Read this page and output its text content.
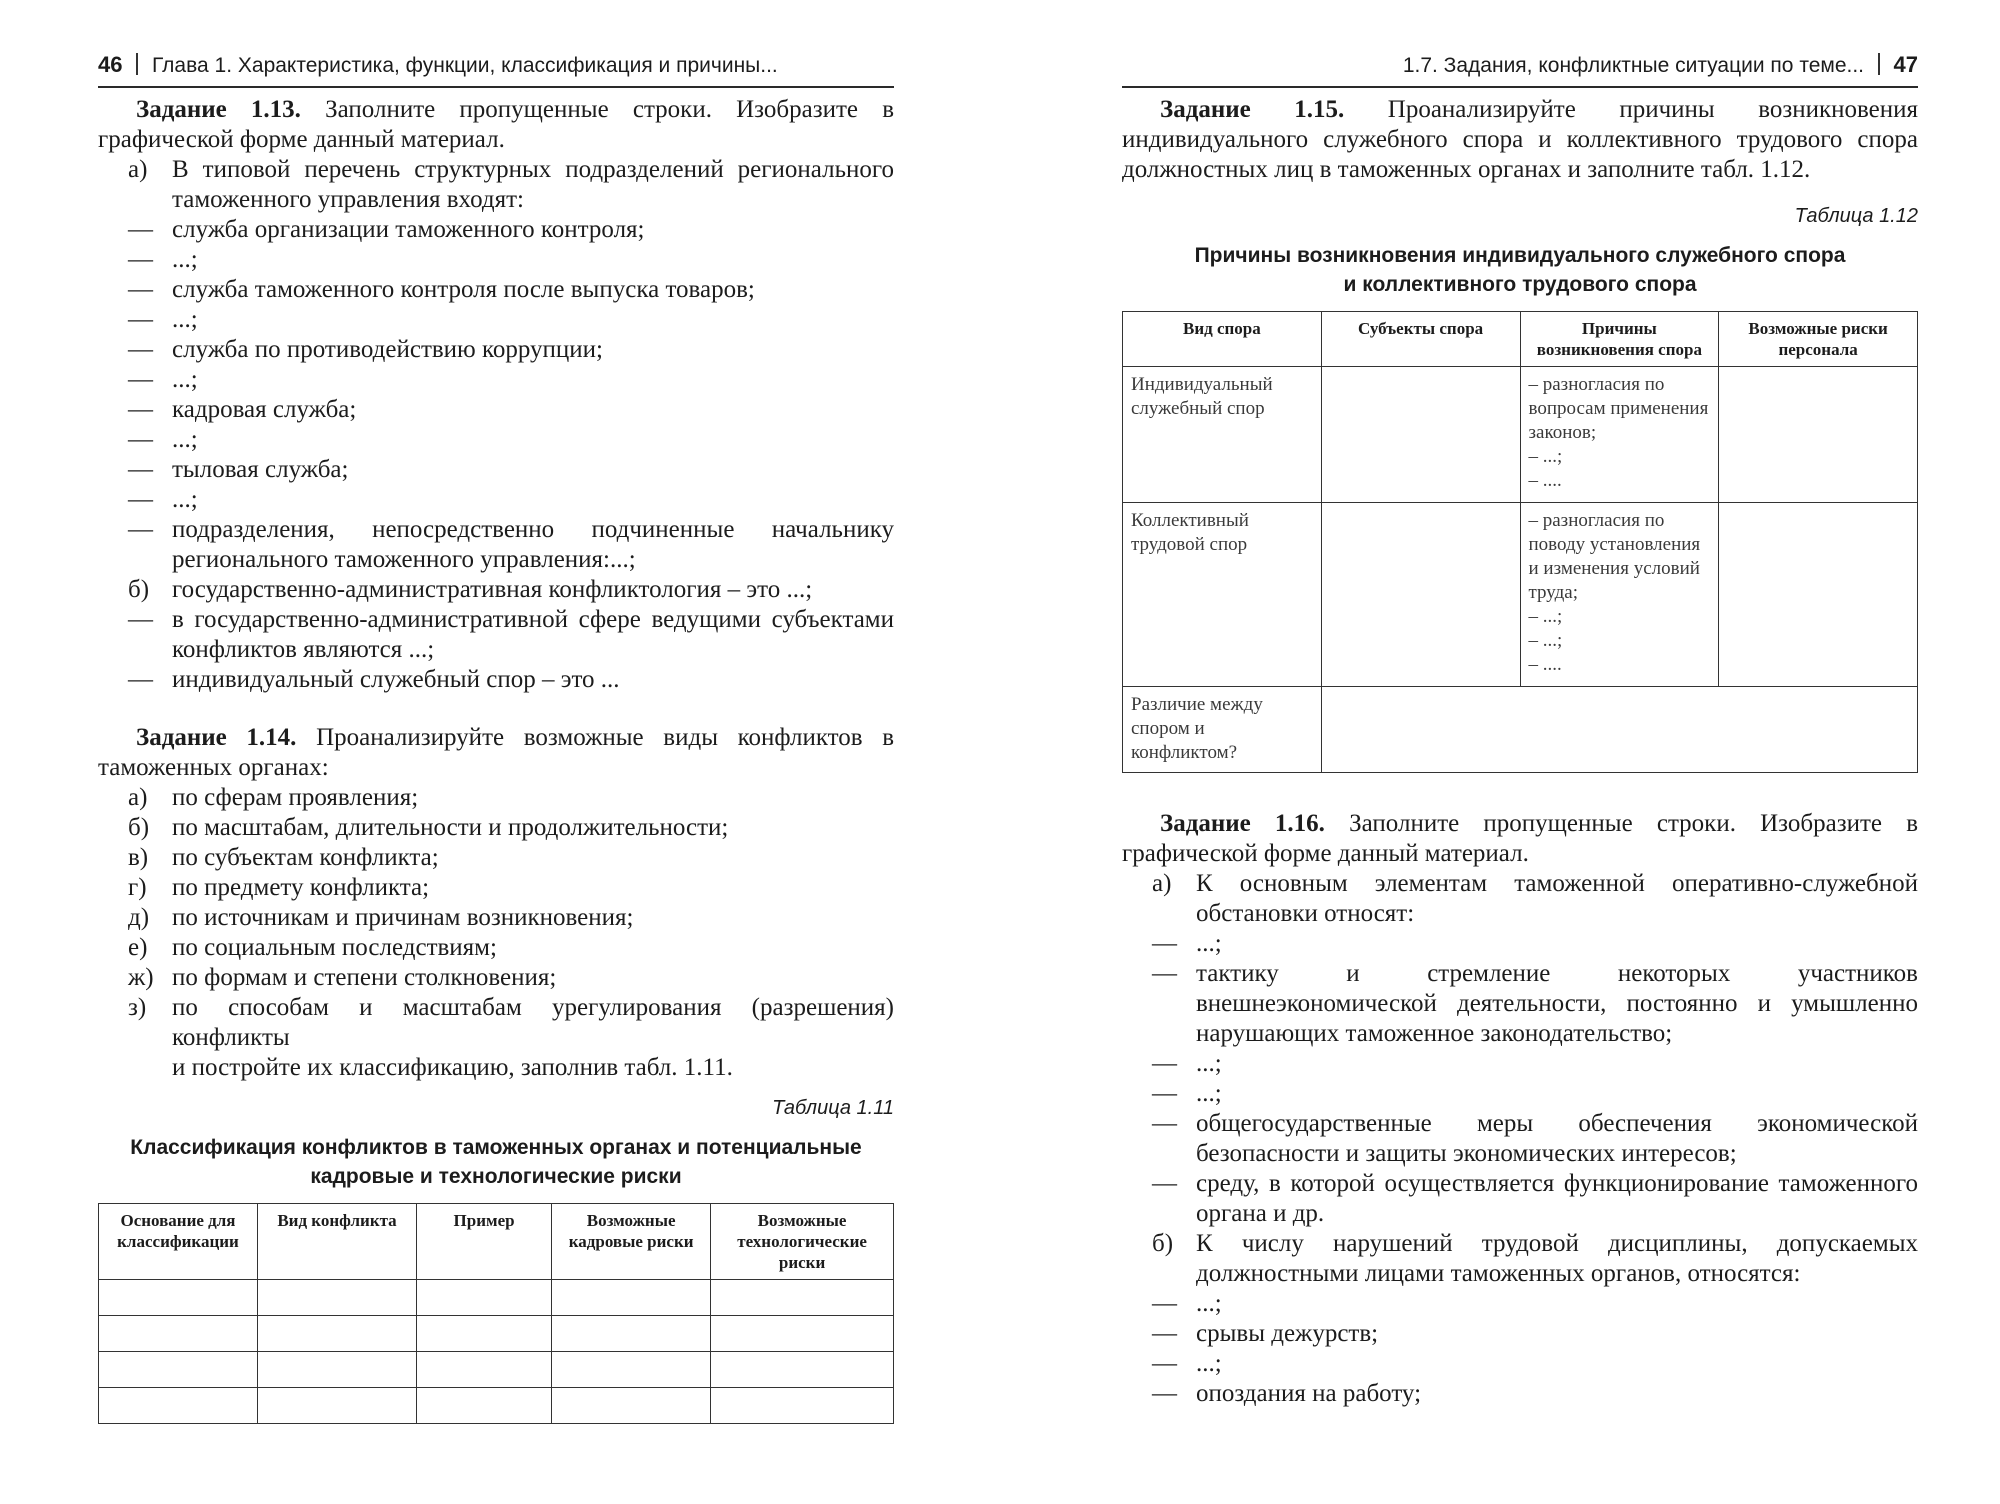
46 Глава 1. Характеристика, функции, классификация и причины...

Задание 1.13. Заполните пропущенные строки. Изобразите в графической форме данный материал.

а) В типовой перечень структурных подразделений регионального таможенного управления входят:

— служба организации таможенного контроля;

— ...;

— служба таможенного контроля после выпуска товаров;

— ...;

— служба по противодействию коррупции;

— ...;

— кадровая служба;

— ...;

— тыловая служба;

— ...;

— подразделения, непосредственно подчиненные начальнику регионального таможенного управления:...;

б) государственно-административная конфликтология – это ...;

— в государственно-административной сфере ведущими субъектами конфликтов являются ...;

— индивидуальный служебный спор – это ...

Задание 1.14. Проанализируйте возможные виды конфликтов в таможенных органах:

а) по сферам проявления;

б) по масштабам, длительности и продолжительности;

в) по субъектам конфликта;

г) по предмету конфликта;

д) по источникам и причинам возникновения;

е) по социальным последствиям;

ж) по формам и степени столкновения;

з) по способам и масштабам урегулирования (разрешения) конфликты

и постройте их классификацию, заполнив табл. 1.11.

Таблица 1.11
Классификация конфликтов в таможенных органах и потенциальные кадровые и технологические риски
Основание для классификации	Вид конфликта	Пример	Возможные кадровые риски	Возможные технологические риски

1.7. Задания, конфликтные ситуации по теме... 47

Задание 1.15. Проанализируйте причины возникновения индивидуального служебного спора и коллективного трудового спора должностных лиц в таможенных органах и заполните табл. 1.12.

Таблица 1.12
Причины возникновения индивидуального служебного спора
и коллективного трудового спора
Вид спора	Субъекты спора	Причины возникновения спора	Возможные риски персонала
Индивидуальный служебный спор		– разногласия по вопросам применения законов;
– ...;
– ....	

Коллективный трудовой спор		– разногласия по поводу установления и изменения условий труда;
– ...;
– ...;
– ....	

Различие между спором и конфликтом?			

Задание 1.16. Заполните пропущенные строки. Изобразите в графической форме данный материал.

а) К основным элементам таможенной оперативно-служебной обстановки относят:

— ...;

— тактику и стремление некоторых участников внешнеэкономической деятельности, постоянно и умышленно нарушающих таможенное законодательство;

— ...;

— ...;

— общегосударственные меры обеспечения экономической безопасности и защиты экономических интересов;

— среду, в которой осуществляется функционирование таможенного органа и др.

б) К числу нарушений трудовой дисциплины, допускаемых должностными лицами таможенных органов, относятся:

— ...;

— срывы дежурств;

— ...;

— опоздания на работу;
